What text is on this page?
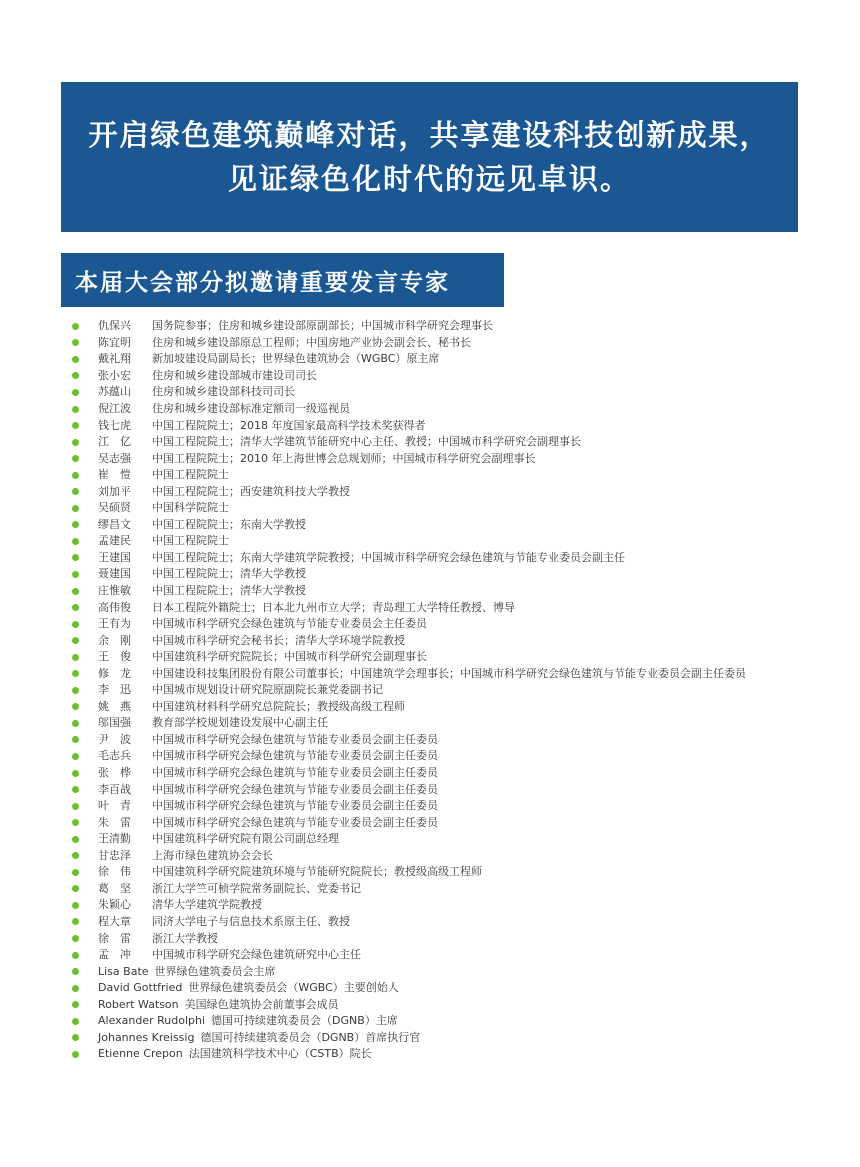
开启绿色建筑巅峰对话，共享建设科技创新成果，
见证绿色化时代的远见卓识。
本届大会部分拟邀请重要发言专家
仇保兴	国务院参事；住房和城乡建设部原副部长；中国城市科学研究会理事长
陈宜明	住房和城乡建设部原总工程师；中国房地产业协会副会长、秘书长
戴礼翔	新加坡建设局副局长；世界绿色建筑协会（WGBC）原主席
张小宏	住房和城乡建设部城市建设司司长
苏蕴山	住房和城乡建设部科技司司长
倪江波	住房和城乡建设部标准定额司一级巡视员
钱七虎	中国工程院院士；2018 年度国家最高科学技术奖获得者
江　亿	中国工程院院士；清华大学建筑节能研究中心主任、教授；中国城市科学研究会副理事长
吴志强	中国工程院院士；2010 年上海世博会总规划师；中国城市科学研究会副理事长
崔　愷	中国工程院院士
刘加平	中国工程院院士；西安建筑科技大学教授
吴硕贤	中国科学院院士
缪昌文	中国工程院院士；东南大学教授
孟建民	中国工程院院士
王建国	中国工程院院士；东南大学建筑学院教授；中国城市科学研究会绿色建筑与节能专业委员会副主任
聂建国	中国工程院院士；清华大学教授
庄惟敏	中国工程院院士；清华大学教授
高伟俊	日本工程院外籍院士；日本北九州市立大学；青岛理工大学特任教授、博导
王有为	中国城市科学研究会绿色建筑与节能专业委员会主任委员
余　刚	中国城市科学研究会秘书长；清华大学环境学院教授
王　俊	中国建筑科学研究院院长；中国城市科学研究会副理事长
修　龙	中国建设科技集团股份有限公司董事长；中国建筑学会理事长；中国城市科学研究会绿色建筑与节能专业委员会副主任委员
李　迅	中国城市规划设计研究院原副院长兼党委副书记
姚　燕	中国建筑材料科学研究总院院长；教授级高级工程师
邬国强	教育部学校规划建设发展中心副主任
尹　波	中国城市科学研究会绿色建筑与节能专业委员会副主任委员
毛志兵	中国城市科学研究会绿色建筑与节能专业委员会副主任委员
张　桦	中国城市科学研究会绿色建筑与节能专业委员会副主任委员
李百战	中国城市科学研究会绿色建筑与节能专业委员会副主任委员
叶　青	中国城市科学研究会绿色建筑与节能专业委员会副主任委员
朱　雷	中国城市科学研究会绿色建筑与节能专业委员会副主任委员
王清勤	中国建筑科学研究院有限公司副总经理
甘忠泽	上海市绿色建筑协会会长
徐　伟	中国建筑科学研究院建筑环境与节能研究院院长；教授级高级工程师
葛　坚	浙江大学竺可桢学院常务副院长、党委书记
朱颖心	清华大学建筑学院教授
程大章	同济大学电子与信息技术系原主任、教授
徐　雷	浙江大学教授
孟　冲	中国城市科学研究会绿色建筑研究中心主任
Lisa Bate 世界绿色建筑委员会主席
David Gottfried 世界绿色建筑委员会（WGBC）主要创始人
Robert Watson 美国绿色建筑协会前董事会成员
Alexander Rudolphi 德国可持续建筑委员会（DGNB）主席
Johannes Kreissig 德国可持续建筑委员会（DGNB）首席执行官
Etienne Crepon 法国建筑科学技术中心（CSTB）院长
